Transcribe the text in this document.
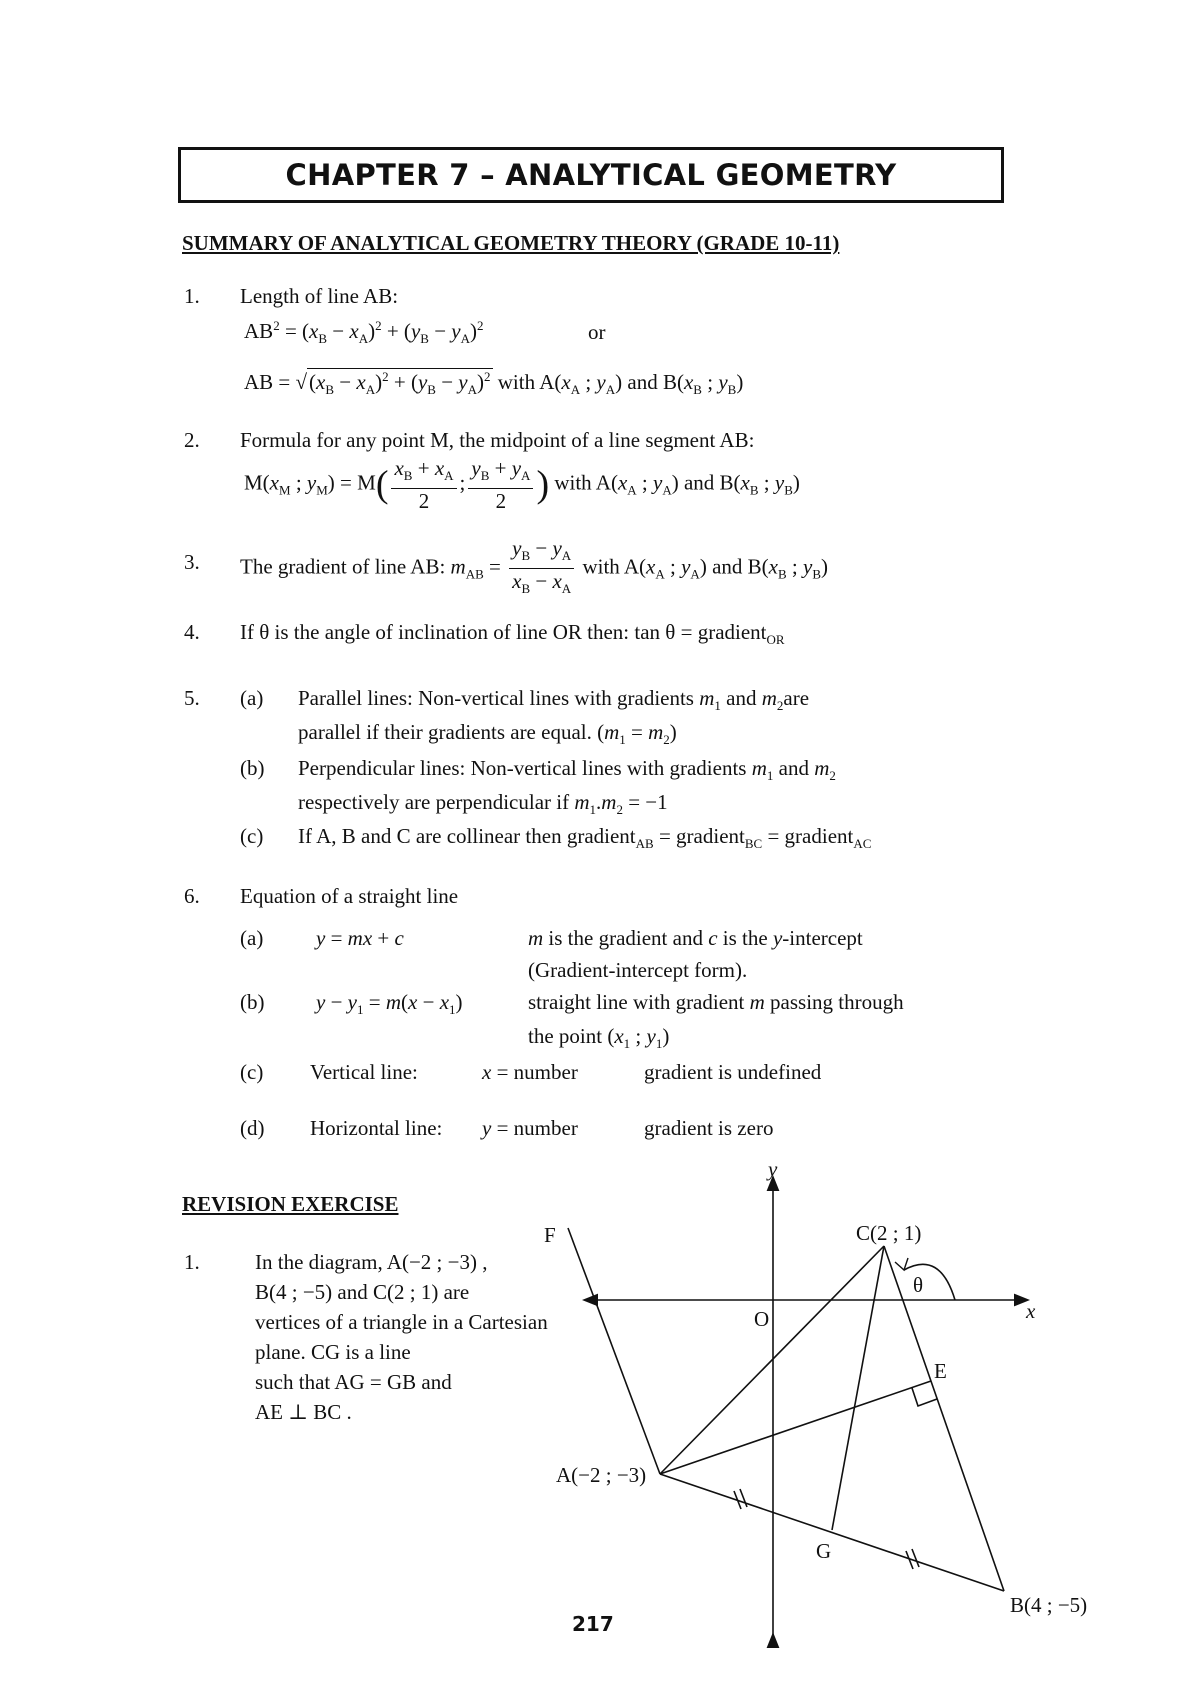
CHAPTER 7 – ANALYTICAL GEOMETRY
SUMMARY OF ANALYTICAL GEOMETRY THEORY (GRADE 10-11)
1. Length of line AB:
$AB^2 = (x_B - x_A)^2 + (y_B - y_A)^2$	or
AB = $√(x_B - x_A)^2 + (y_B - y_A)^2$ with $A(x_A$ ; $y_A$) and $B(x_B$ ; $y_B$)
2. Formula for any point M, the midpoint of a line segment AB:
$M(x_M$ ; $y_M) = M( \frac{x_B + x_A}{2}$ ; $\frac{y_B + y_A}{2}$ ) with $A(x_A$ ; $y_A$) and $B(x_B$ ; $y_B$)
3. The gradient of line AB: $m_{AB} = \frac{y_B - y_A}{x_B - x_A}$ with $A(x_A$ ; $y_A$) and $B(x_B$ ; $y_B$)
4. If θ is the angle of inclination of line OR then: tan θ = gradient$_{OR}$
5. (a) Parallel lines: Non-vertical lines with gradients $m_1$ and $m_2are$
parallel if their gradients are equal. $(m_1 = m_2)$
(b) Perpendicular lines: Non-vertical lines with gradients $m_1$ and $m_2$
respectively are perpendicular if $m_1.m_2 = -1$
(c) If A, B and C are collinear then gradient$_{AB}$ = gradient$_{BC}$ = gradient$_{AC}$
6. Equation of a straight line
(a)	y = mx + c	m is the gradient and c is the y-intercept
(Gradient-intercept form).
(b) $y - y_1 = m(x - x_1)$	straight line with gradient m passing through
the point ($x_1$ ; $y_1$)
(c) Vertical line:	x = number	gradient is undefined
(d) Horizontal line: y = number	gradient is zero
REVISION EXERCISE
1.	In the diagram, A(−2 ; −3) ,
B(4 ; −5) and C(2 ; 1) are
vertices of a triangle in a Cartesian
plane. CG is a line
such that AG = GB and
AE ⊥ BC .
y
x
O
F	C(2 ; 1)
θ
E
A(−2 ; −3)
G
B(4 ; −5)
217
